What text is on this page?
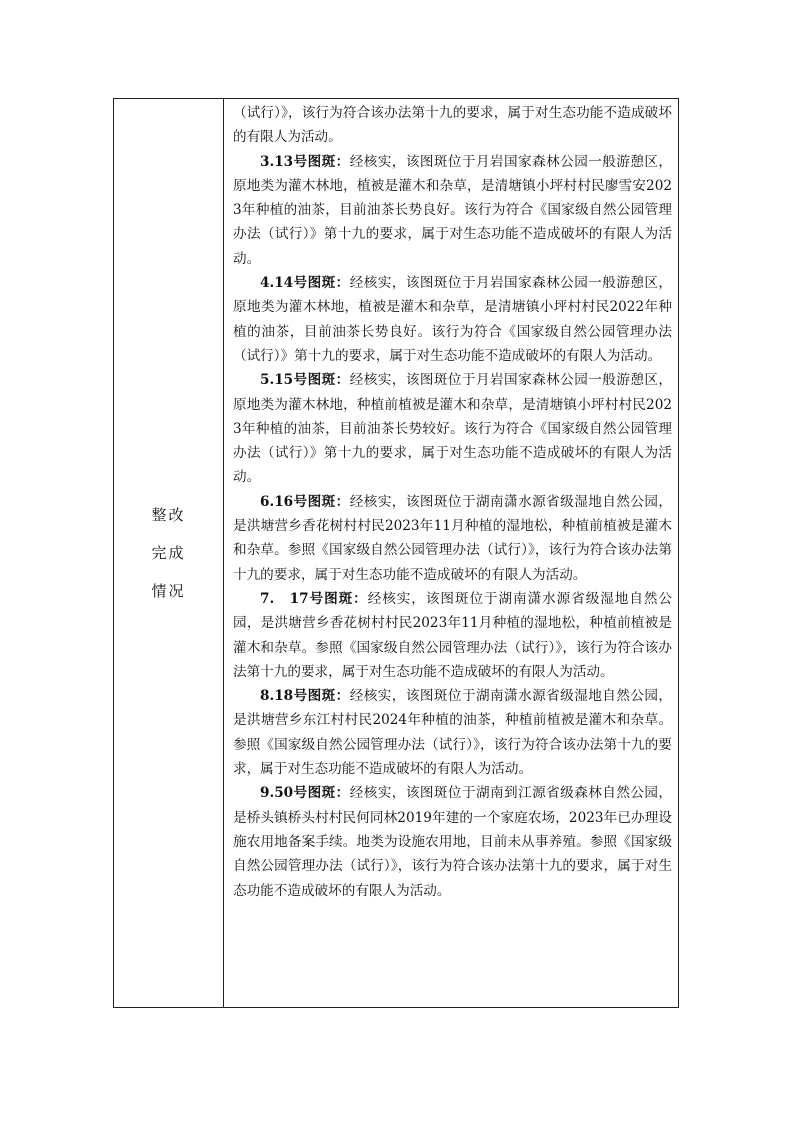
整改
完成
情况

（试行）》，该行为符合该办法第十九的要求，属于对生态功能不造成破坏的有限人为活动。

3.13号图斑：经核实，该图斑位于月岩国家森林公园一般游憩区，原地类为灌木林地，植被是灌木和杂草，是清塘镇小坪村村民廖雪安2023年种植的油茶，目前油茶长势良好。该行为符合《国家级自然公园管理办法（试行）》第十九的要求，属于对生态功能不造成破坏的有限人为活动。

4.14号图斑：经核实，该图斑位于月岩国家森林公园一般游憩区，原地类为灌木林地，植被是灌木和杂草，是清塘镇小坪村村民2022年种植的油茶，目前油茶长势良好。该行为符合《国家级自然公园管理办法（试行）》第十九的要求，属于对生态功能不造成破坏的有限人为活动。

5.15号图斑：经核实，该图斑位于月岩国家森林公园一般游憩区，原地类为灌木林地，种植前植被是灌木和杂草，是清塘镇小坪村村民2023年种植的油茶，目前油茶长势较好。该行为符合《国家级自然公园管理办法（试行）》第十九的要求，属于对生态功能不造成破坏的有限人为活动。

6.16号图斑：经核实，该图斑位于湖南潇水源省级湿地自然公园，是洪塘营乡香花树村村民2023年11月种植的湿地松，种植前植被是灌木和杂草。参照《国家级自然公园管理办法（试行）》，该行为符合该办法第十九的要求，属于对生态功能不造成破坏的有限人为活动。

7.　17号图斑：经核实，该图斑位于湖南潇水源省级湿地自然公园，是洪塘营乡香花树村村民2023年11月种植的湿地松，种植前植被是灌木和杂草。参照《国家级自然公园管理办法（试行）》，该行为符合该办法第十九的要求，属于对生态功能不造成破坏的有限人为活动。

8.18号图斑：经核实，该图斑位于湖南潇水源省级湿地自然公园，是洪塘营乡东江村村民2024年种植的油茶，种植前植被是灌木和杂草。参照《国家级自然公园管理办法（试行）》，该行为符合该办法第十九的要求，属于对生态功能不造成破坏的有限人为活动。

9.50号图斑：经核实，该图斑位于湖南到江源省级森林自然公园，是桥头镇桥头村村民何同林2019年建的一个家庭农场，2023年已办理设施农用地备案手续。地类为设施农用地，目前未从事养殖。参照《国家级自然公园管理办法（试行）》，该行为符合该办法第十九的要求，属于对生态功能不造成破坏的有限人为活动。
